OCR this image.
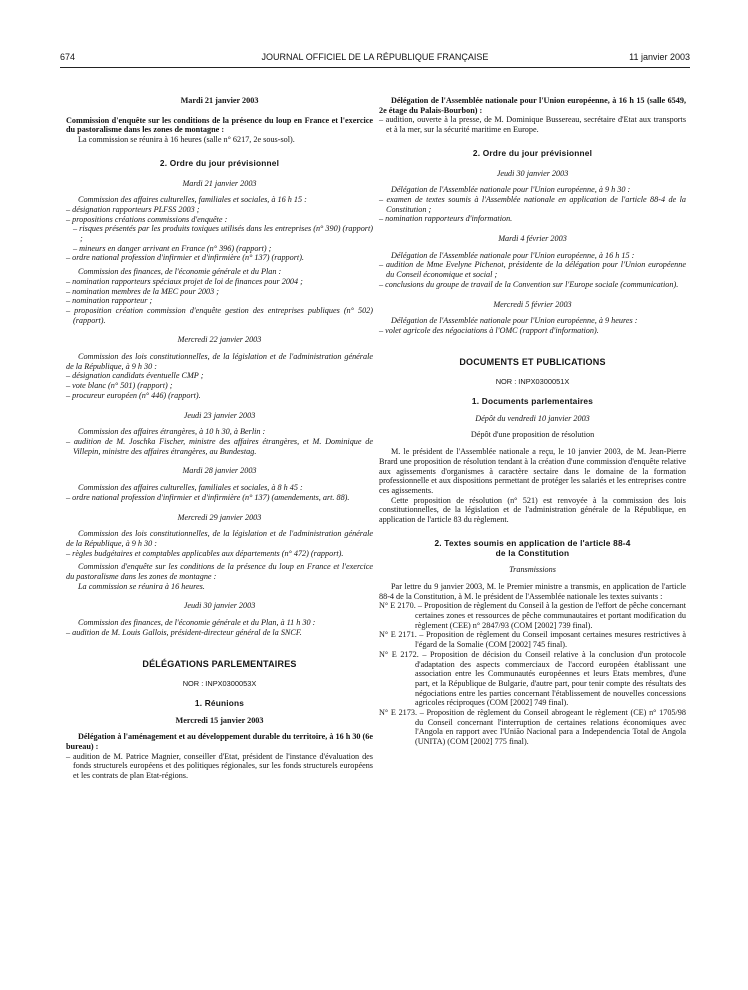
674	JOURNAL OFFICIEL DE LA RÉPUBLIQUE FRANÇAISE	11 janvier 2003
Mardi 21 janvier 2003
Commission d'enquête sur les conditions de la présence du loup en France et l'exercice du pastoralisme dans les zones de montagne :
La commission se réunira à 16 heures (salle n° 6217, 2e sous-sol).
2. Ordre du jour prévisionnel
Mardi 21 janvier 2003
Commission des affaires culturelles, familiales et sociales, à 16 h 15 :
– désignation rapporteurs PLFSS 2003 ;
– propositions créations commissions d'enquête :
– risques présentés par les produits toxiques utilisés dans les entreprises (n° 390) (rapport) ;
– mineurs en danger arrivant en France (n° 396) (rapport) ;
– ordre national profession d'infirmier et d'infirmière (n° 137) (rapport).
Commission des finances, de l'économie générale et du Plan :
– nomination rapporteurs spéciaux projet de loi de finances pour 2004 ;
– nomination membres de la MEC pour 2003 ;
– nomination rapporteur ;
– proposition création commission d'enquête gestion des entreprises publiques (n° 502) (rapport).
Mercredi 22 janvier 2003
Commission des lois constitutionnelles, de la législation et de l'administration générale de la République, à 9 h 30 :
– désignation candidats éventuelle CMP ;
– vote blanc (n° 501) (rapport) ;
– procureur européen (n° 446) (rapport).
Jeudi 23 janvier 2003
Commission des affaires étrangères, à 10 h 30, à Berlin :
– audition de M. Joschka Fischer, ministre des affaires étrangères, et M. Dominique de Villepin, ministre des affaires étrangères, au Bundestag.
Mardi 28 janvier 2003
Commission des affaires culturelles, familiales et sociales, à 8 h 45 :
– ordre national profession d'infirmier et d'infirmière (n° 137) (amendements, art. 88).
Mercredi 29 janvier 2003
Commission des lois constitutionnelles, de la législation et de l'administration générale de la République, à 9 h 30 :
– règles budgétaires et comptables applicables aux départements (n° 472) (rapport).
Commission d'enquête sur les conditions de la présence du loup en France et l'exercice du pastoralisme dans les zones de montagne :
La commission se réunira à 16 heures.
Jeudi 30 janvier 2003
Commission des finances, de l'économie générale et du Plan, à 11 h 30 :
– audition de M. Louis Gallois, président-directeur général de la SNCF.
DÉLÉGATIONS PARLEMENTAIRES
NOR : INPX0300053X
1. Réunions
Mercredi 15 janvier 2003
Délégation à l'aménagement et au développement durable du territoire, à 16 h 30 (6e bureau) :
– audition de M. Patrice Magnier, conseiller d'Etat, président de l'instance d'évaluation des fonds structurels européens et des politiques régionales, sur les fonds structurels européens et les contrats de plan Etat-régions.
Délégation de l'Assemblée nationale pour l'Union européenne, à 16 h 15 (salle 6549, 2e étage du Palais-Bourbon) :
– audition, ouverte à la presse, de M. Dominique Bussereau, secrétaire d'Etat aux transports et à la mer, sur la sécurité maritime en Europe.
2. Ordre du jour prévisionnel
Jeudi 30 janvier 2003
Délégation de l'Assemblée nationale pour l'Union européenne, à 9 h 30 :
– examen de textes soumis à l'Assemblée nationale en application de l'article 88-4 de la Constitution ;
– nomination rapporteurs d'information.
Mardi 4 février 2003
Délégation de l'Assemblée nationale pour l'Union européenne, à 16 h 15 :
– audition de Mme Evelyne Pichenot, présidente de la délégation pour l'Union européenne du Conseil économique et social ;
– conclusions du groupe de travail de la Convention sur l'Europe sociale (communication).
Mercredi 5 février 2003
Délégation de l'Assemblée nationale pour l'Union européenne, à 9 heures :
– volet agricole des négociations à l'OMC (rapport d'information).
DOCUMENTS ET PUBLICATIONS
NOR : INPX0300051X
1. Documents parlementaires
Dépôt du vendredi 10 janvier 2003
Dépôt d'une proposition de résolution
M. le président de l'Assemblée nationale a reçu, le 10 janvier 2003, de M. Jean-Pierre Brard une proposition de résolution tendant à la création d'une commission d'enquête relative aux agissements d'organismes à caractère sectaire dans le domaine de la formation professionnelle et aux dispositions permettant de protéger les salariés et les entreprises contre ces agissements.
Cette proposition de résolution (n° 521) est renvoyée à la commission des lois constitutionnelles, de la législation et de l'administration générale de la République, en application de l'article 83 du règlement.
2. Textes soumis en application de l'article 88-4
de la Constitution
Transmissions
Par lettre du 9 janvier 2003, M. le Premier ministre a transmis, en application de l'article 88-4 de la Constitution, à M. le président de l'Assemblée nationale les textes suivants :
N° E 2170. – Proposition de règlement du Conseil à la gestion de l'effort de pêche concernant certaines zones et ressources de pêche communautaires et portant modification du règlement (CEE) n° 2847/93 (COM [2002] 739 final).
N° E 2171. – Proposition de règlement du Conseil imposant certaines mesures restrictives à l'égard de la Somalie (COM [2002] 745 final).
N° E 2172. – Proposition de décision du Conseil relative à la conclusion d'un protocole d'adaptation des aspects commerciaux de l'accord européen établissant une association entre les Communautés européennes et leurs Etats membres, d'une part, et la République de Bulgarie, d'autre part, pour tenir compte des résultats des négociations entre les parties concernant l'établissement de nouvelles concessions agricoles réciproques (COM [2002] 749 final).
N° E 2173. – Proposition de règlement du Conseil abrogeant le règlement (CE) n° 1705/98 du Conseil concernant l'interruption de certaines relations économiques avec l'Angola en rapport avec l'União Nacional para a Independencia Total de Angola (UNITA) (COM [2002] 775 final).
